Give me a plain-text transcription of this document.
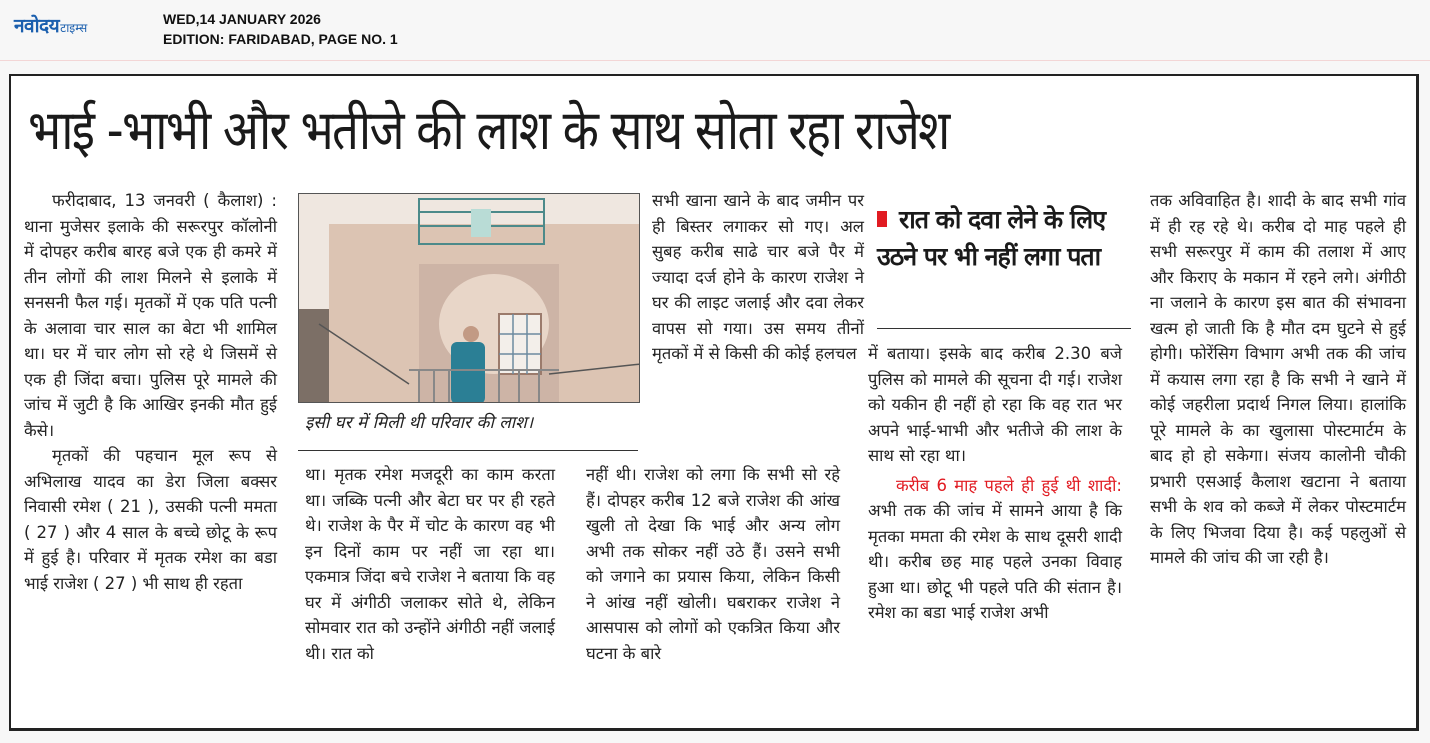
नवोदय टाइम्स
WED,14 JANUARY 2026
EDITION: FARIDABAD, PAGE NO. 1
भाई -भाभी और भतीजे की लाश के साथ सोता रहा राजेश

फरीदाबाद, 13 जनवरी ( कैलाश) : थाना मुजेसर इलाके की सरूरपुर कॉलोनी में दोपहर करीब बारह बजे एक ही कमरे में तीन लोगों की लाश मिलने से इलाके में सनसनी फैल गई। मृतकों में एक पति पत्नी के अलावा चार साल का बेटा भी शामिल था। घर में चार लोग सो रहे थे जिसमें से एक ही जिंदा बचा। पुलिस पूरे मामले की जांच में जुटी है कि आखिर इनकी मौत हुई कैसे।

मृतकों की पहचान मूल रूप से अभिलाख यादव का डेरा जिला बक्सर निवासी रमेश ( 21 ), उसकी पत्नी ममता ( 27 ) और 4 साल के बच्चे छोटू के रूप में हुई है। परिवार में मृतक रमेश का बडा भाई राजेश ( 27 ) भी साथ ही रहता

इसी घर में मिली थी परिवार की लाश।

था। मृतक रमेश मजदूरी का काम करता था। जब्कि पत्नी और बेटा घर पर ही रहते थे। राजेश के पैर में चोट के कारण वह भी इन दिनों काम पर नहीं जा रहा था। एकमात्र जिंदा बचे राजेश ने बताया कि वह घर में अंगीठी जलाकर सोते थे, लेकिन सोमवार रात को उन्होंने अंगीठी नहीं जलाई थी। रात को

सभी खाना खाने के बाद जमीन पर ही बिस्तर लगाकर सो गए। अल सुबह करीब साढे चार बजे पैर में ज्यादा दर्ज होने के कारण राजेश ने घर की लाइट जलाई और दवा लेकर वापस सो गया। उस समय तीनों मृतकों में से किसी की कोई हलचल

नहीं थी। राजेश को लगा कि सभी सो रहे हैं। दोपहर करीब 12 बजे राजेश की आंख खुली तो देखा कि भाई और अन्य लोग अभी तक सोकर नहीं उठे हैं। उसने सभी को जगाने का प्रयास किया, लेकिन किसी ने आंख नहीं खोली। घबराकर राजेश ने आसपास को लोगों को एकत्रित किया और घटना के बारे

रात को दवा लेने के लिए उठने पर भी नहीं लगा पता

में बताया। इसके बाद करीब 2.30 बजे पुलिस को मामले की सूचना दी गई। राजेश को यकीन ही नहीं हो रहा कि वह रात भर अपने भाई-भाभी और भतीजे की लाश के साथ सो रहा था।

करीब 6 माह पहले ही हुई थी शादी: अभी तक की जांच में सामने आया है कि मृतका ममता की रमेश के साथ दूसरी शादी थी। करीब छह माह पहले उनका विवाह हुआ था। छोटू भी पहले पति की संतान है। रमेश का बडा भाई राजेश अभी

तक अविवाहित है। शादी के बाद सभी गांव में ही रह रहे थे। करीब दो माह पहले ही सभी सरूरपुर में काम की तलाश में आए और किराए के मकान में रहने लगे। अंगीठी ना जलाने के कारण इस बात की संभावना खत्म हो जाती कि है मौत दम घुटने से हुई होगी। फोरेंसिग विभाग अभी तक की जांच में कयास लगा रहा है कि सभी ने खाने में कोई जहरीला प्रदार्थ निगल लिया। हालांकि पूरे मामले के का खुलासा पोस्टमार्टम के बाद हो हो सकेगा। संजय कालोनी चौकी प्रभारी एसआई कैलाश खटाना ने बताया सभी के शव को कब्जे में लेकर पोस्टमार्टम के लिए भिजवा दिया है। कई पहलुओं से मामले की जांच की जा रही है।
